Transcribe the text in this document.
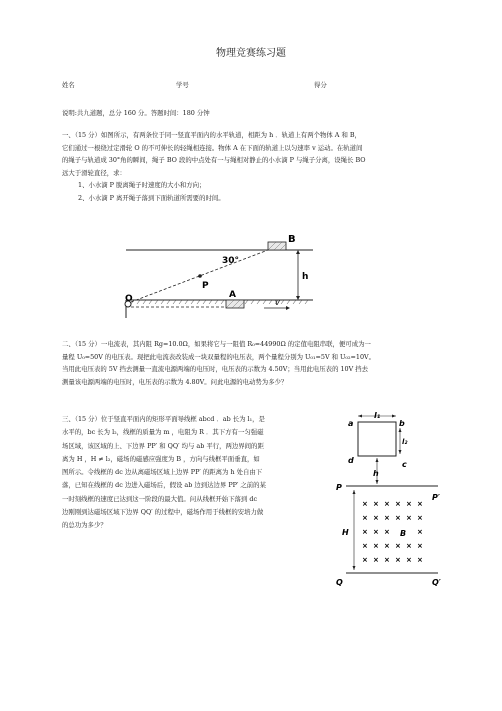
物理竞赛练习题
姓名	学号	得分
说明:共九道题，总分 160 分。答题时间：180 分钟
一、（15 分）如图所示，有两条位于同一竖直平面内的水平轨道，相距为 h ．轨道上有两个物体 A 和 B，
它们通过一根绕过定滑轮 O 的不可伸长的轻绳相连接。物体 A 在下面的轨道上以匀速率 v 运动。在轨道间
的绳子与轨道成 30°角的瞬间，绳子 BO 段的中点处有一与绳相对静止的小水滴 P 与绳子分离，设绳长 BO
远大于滑轮直径，求：
1、小水滴 P 脱离绳子时速度的大小和方向；
2、小水滴 P 离开绳子落到下面轨道所需要的时间。
B
30°
P
h
O	A
v
二、（15 分）一电流表，其内阻 Rg=10.0Ω，如果将它与一阻值 R₀=44990Ω 的定值电阻串联，便可成为一
量程 U₀=50V 的电压表。现把此电流表改装成一块双量程的电压表，两个量程分别为 U₀₁=5V 和 U₀₂=10V。
当用此电压表的 5V 挡去测量一直流电源两端的电压时，电压表的示数为 4.50V；当用此电压表的 10V 挡去
测量该电源两端的电压时，电压表的示数为 4.80V。问此电源的电动势为多少？
三、（15 分）位于竖直平面内的矩形平面导线框 abcd ．ab 长为 l₁，是
水平的，bc 长为 l₂，线框的质量为 m ，电阻为 R ．其下方有一匀强磁
场区域，该区域的上、下边界 PP′ 和 QQ′ 均与 ab 平行，两边界间的距
离为 H ，H ≠ l₂，磁场的磁感应强度为 B ，方向与线框平面垂直，如
图所示。令线框的 dc 边从离磁场区域上边界 PP′ 的距离为 h 处自由下
落，已知在线框的 dc 边进入磁场后，假设 ab 边到达边界 PP′ 之前的某
一时刻线框的速度已达到这一阶段的最大值。问从线框开始下落到 dc
边刚刚到达磁场区域下边界 QQ′ 的过程中，磁场作用于线框的安培力做
的总功为多少？
l₁
a	b
d	c
l₂
h
P
P′
Q	Q′
H	B
× × × × × ×
× × × × × ×
× × ×	×
× × × × × ×
× × × × × ×
